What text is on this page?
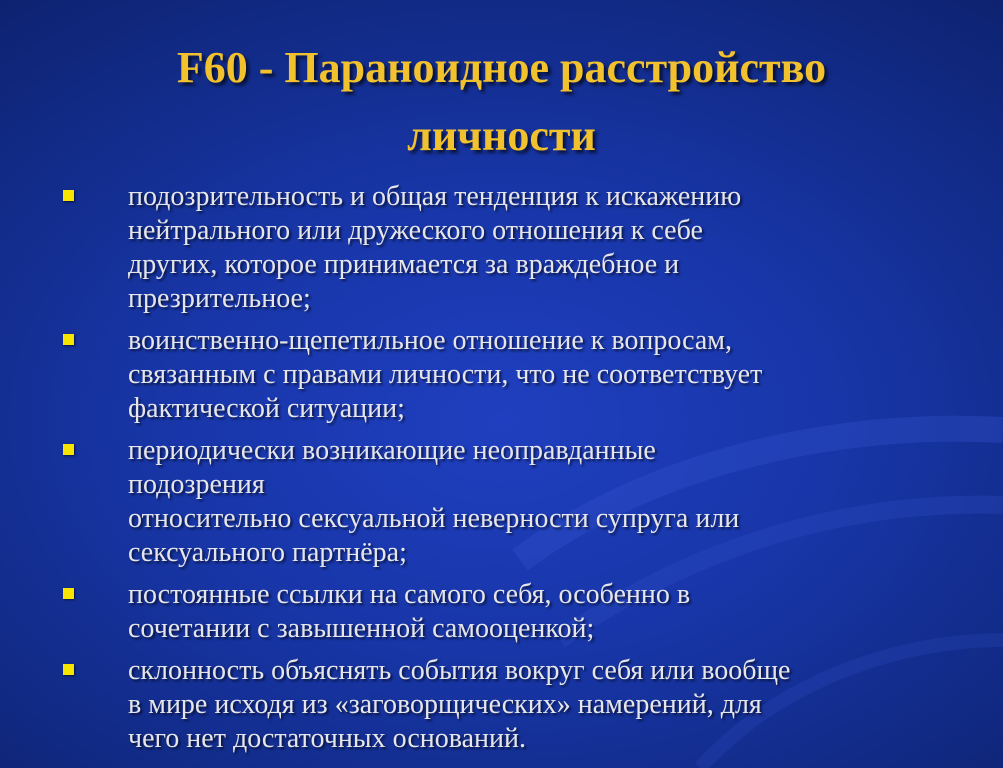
F60 - Параноидное расстройство
личности
подозрительность и общая тенденция к искажению
нейтрального или дружеского отношения к себе
других, которое принимается за враждебное и
презрительное;
воинственно-щепетильное отношение к вопросам,
связанным с правами личности, что не соответствует
фактической ситуации;
периодически возникающие неоправданные
подозрения
относительно сексуальной неверности супруга или
сексуального партнёра;
постоянные ссылки на самого себя, особенно в
сочетании с завышенной самооценкой;
склонность объяснять события вокруг себя или вообще
в мире исходя из «заговорщических» намерений, для
чего нет достаточных оснований.
